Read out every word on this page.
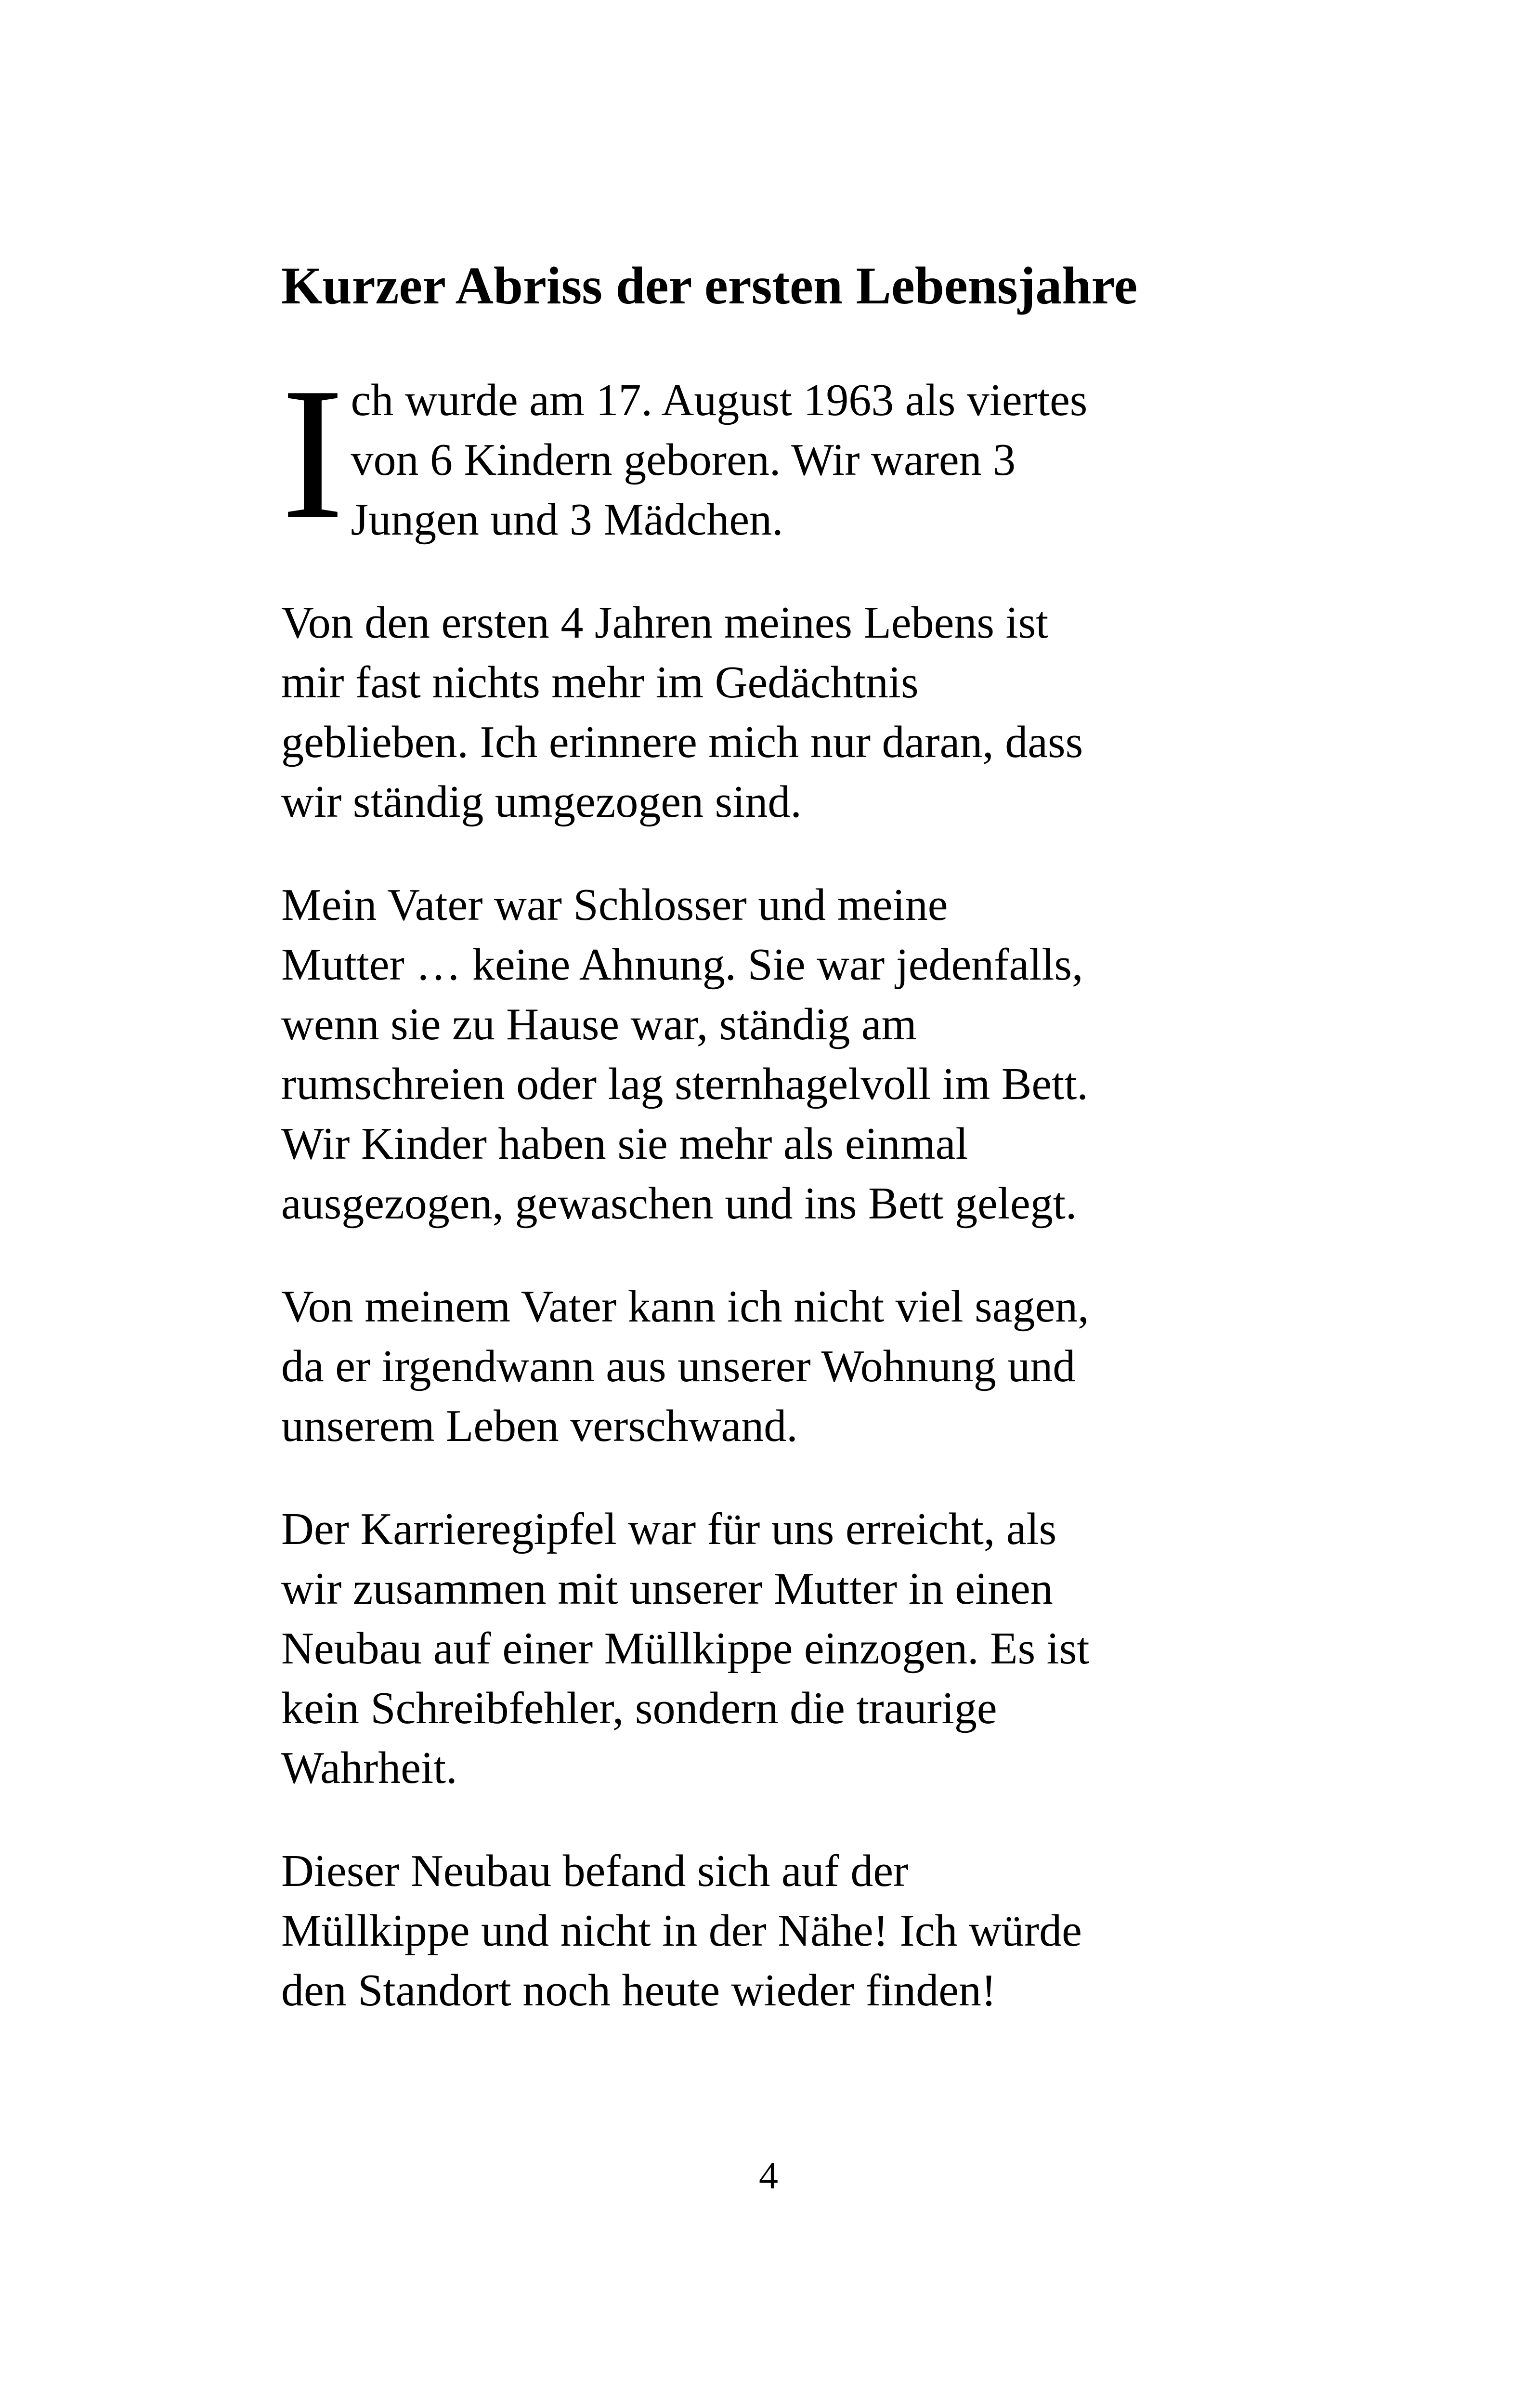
Kurzer Abriss der ersten Lebensjahre

Ich wurde am 17. August 1963 als viertes
von 6 Kindern geboren. Wir waren 3
Jungen und 3 Mädchen.

Von den ersten 4 Jahren meines Lebens ist
mir fast nichts mehr im Gedächtnis
geblieben. Ich erinnere mich nur daran, dass
wir ständig umgezogen sind.

Mein Vater war Schlosser und meine
Mutter … keine Ahnung. Sie war jedenfalls,
wenn sie zu Hause war, ständig am
rumschreien oder lag sternhagelvoll im Bett.
Wir Kinder haben sie mehr als einmal
ausgezogen, gewaschen und ins Bett gelegt.

Von meinem Vater kann ich nicht viel sagen,
da er irgendwann aus unserer Wohnung und
unserem Leben verschwand.

Der Karrieregipfel war für uns erreicht, als
wir zusammen mit unserer Mutter in einen
Neubau auf einer Müllkippe einzogen. Es ist
kein Schreibfehler, sondern die traurige
Wahrheit.

Dieser Neubau befand sich auf der
Müllkippe und nicht in der Nähe! Ich würde
den Standort noch heute wieder finden!

4
